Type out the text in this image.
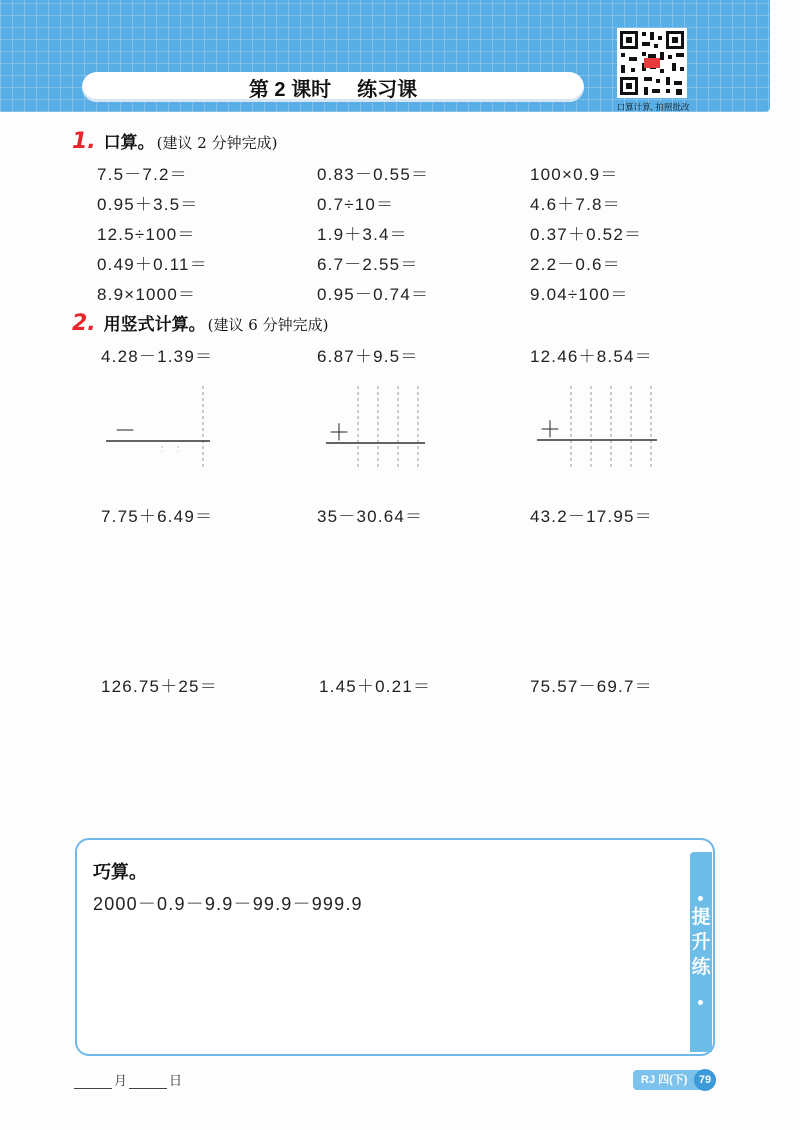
第 2 课时 练习课
口算计算, 拍照批改
1. 口算。 (建议 2 分钟完成)
7.5－7.2＝	0.83－0.55＝	100×0.9＝
0.95＋3.5＝	0.7÷10＝	4.6＋7.8＝
12.5÷100＝	1.9＋3.4＝	0.37＋0.52＝
0.49＋0.11＝	6.7－2.55＝	2.2－0.6＝
8.9×1000＝	0.95－0.74＝	9.04÷100＝
2. 用竖式计算。 (建议 6 分钟完成)
4.28－1.39＝	6.87＋9.5＝	12.46＋8.54＝
－	＋	＋
7.75＋6.49＝	35－30.64＝	43.2－17.95＝
126.75＋25＝	1.45＋0.21＝	75.57－69.7＝
巧算。
2000－0.9－9.9－99.9－999.9
提
升
练
月	日	RJ 四(下)	79
